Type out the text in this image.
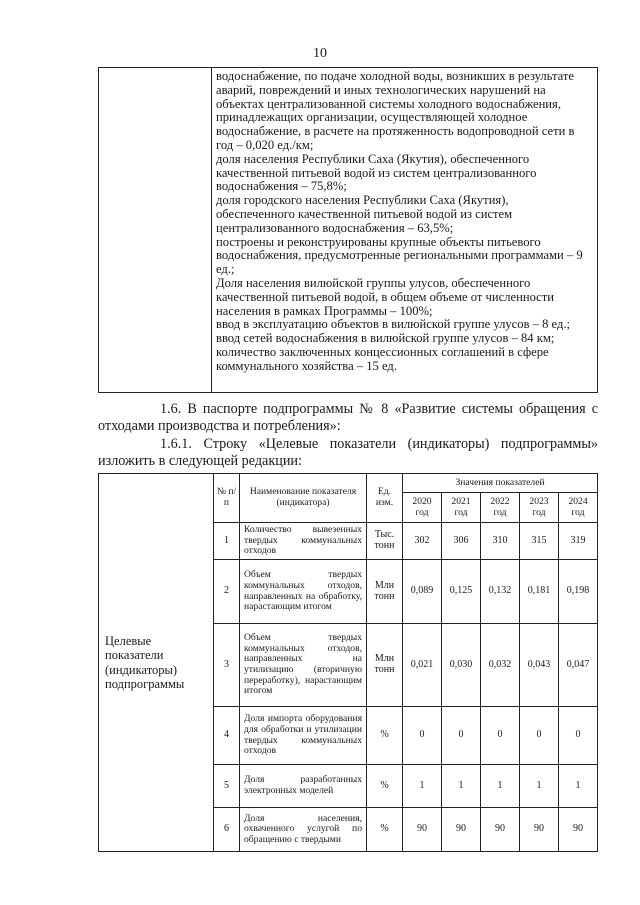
10

водоснабжение, по подаче холодной воды, возникших в результате
аварий, повреждений и иных технологических нарушений на
объектах централизованной системы холодного водоснабжения,
принадлежащих организации, осуществляющей холодное
водоснабжение, в расчете на протяженность водопроводной сети в
год – 0,020 ед./км;
доля населения Республики Саха (Якутия), обеспеченного
качественной питьевой водой из систем централизованного
водоснабжения – 75,8%;
доля городского населения Республики Саха (Якутия),
обеспеченного качественной питьевой водой из систем
централизованного водоснабжения – 63,5%;
построены и реконструированы крупные объекты питьевого
водоснабжения, предусмотренные региональными программами – 9
ед.;
Доля населения вилюйской группы улусов, обеспеченного
качественной питьевой водой, в общем объеме от численности
населения в рамках Программы – 100%;
ввод в эксплуатацию объектов в вилюйской группе улусов – 8 ед.;
ввод сетей водоснабжения в вилюйской группе улусов – 84 км;
количество заключенных концессионных соглашений в сфере
коммунального хозяйства – 15 ед.
1.6. В паспорте подпрограммы № 8 «Развитие системы обращения с отходами производства и потребления»:
1.6.1. Строку «Целевые показатели (индикаторы) подпрограммы» изложить в следующей редакции:
Целевые показатели (индикаторы) подпрограммы	№ п/п	Наименование показателя (индикатора)	Ед. изм.	Значения показателей				
				2020 год	2021 год	2022 год	2023 год	2024 год
	1	Количество вывезенных твердых коммунальных отходов	Тыс. тонн	302	306	310	315	319
	2	Объем твердых коммунальных отходов, направленных на обработку, нарастающим итогом	Млн тонн	0,089	0,125	0,132	0,181	0,198
	3	Объем твердых коммунальных отходов, направленных на утилизацию (вторичную переработку), нарастающим итогом	Млн тонн	0,021	0,030	0,032	0,043	0,047
	4	Доля импорта оборудования для обработки и утилизации твердых коммунальных отходов	%	0	0	0	0	0
	5	Доля разработанных электронных моделей	%	1	1	1	1	1
	6	Доля населения, охваченного услугой по обращению с твердыми	%	90	90	90	90	90
